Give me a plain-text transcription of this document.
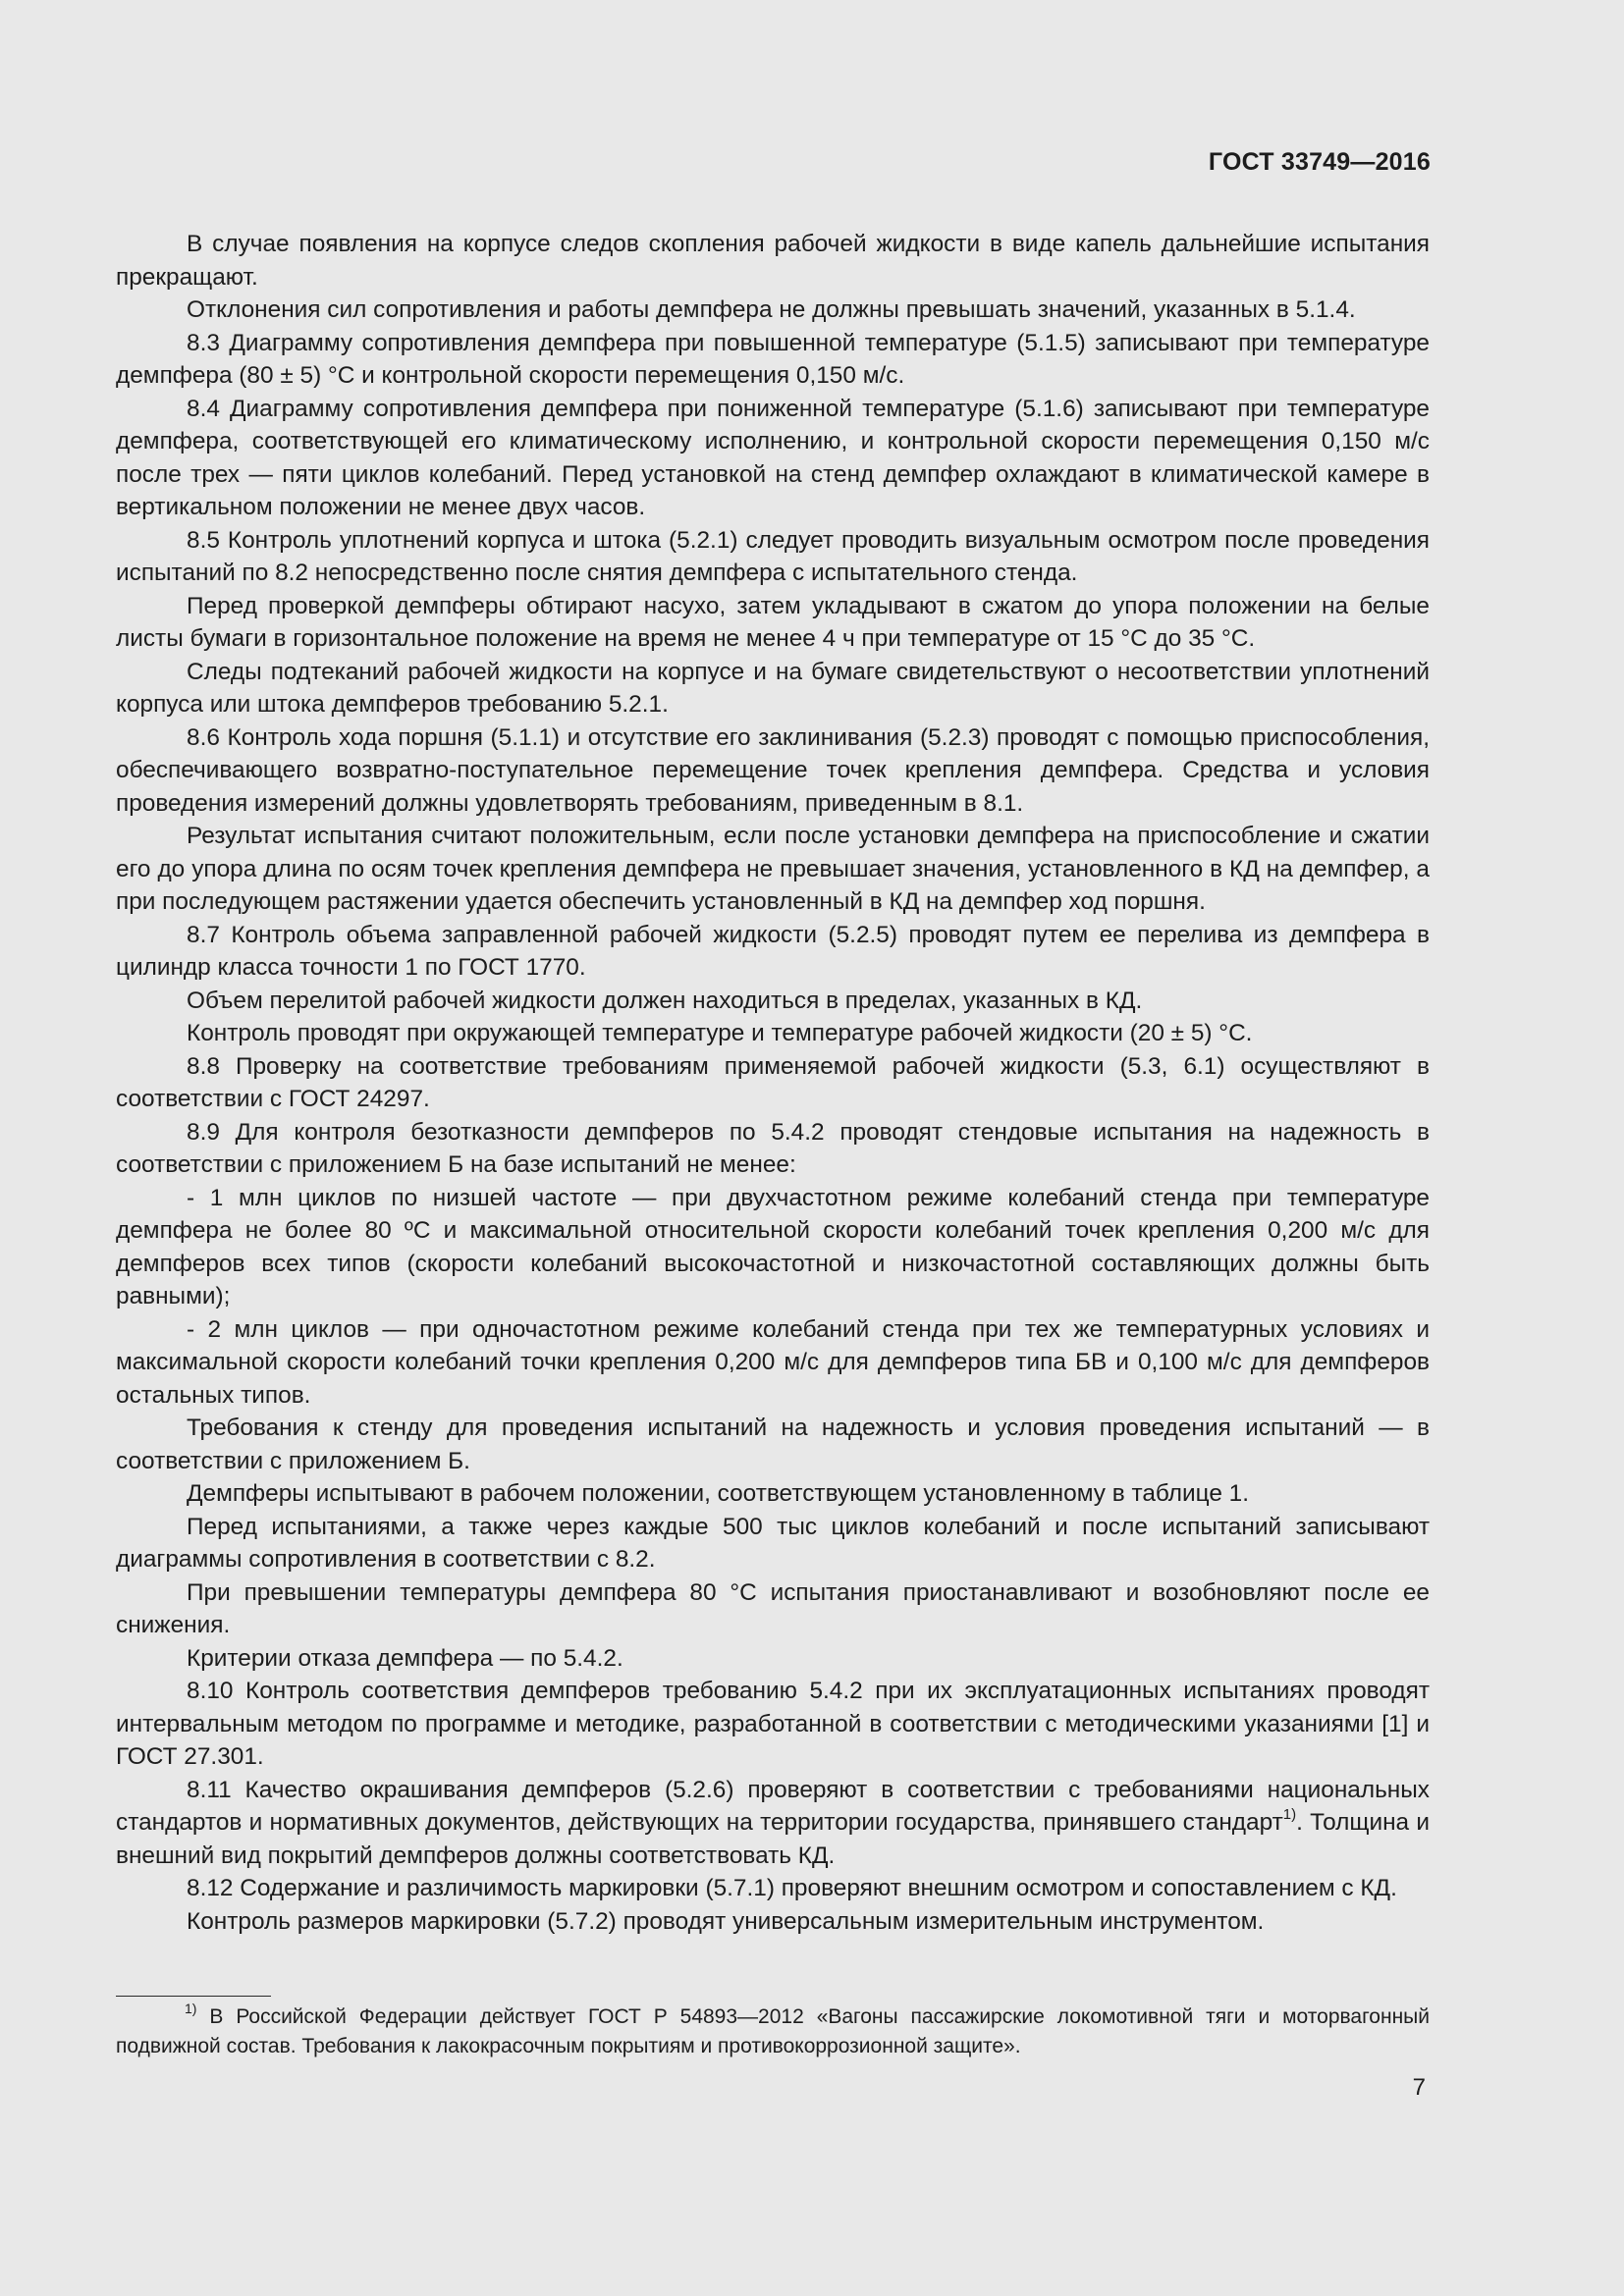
ГОСТ 33749—2016

В случае появления на корпусе следов скопления рабочей жидкости в виде капель дальнейшие испытания прекращают.

Отклонения сил сопротивления и работы демпфера не должны превышать значений, указанных в 5.1.4.

8.3 Диаграмму сопротивления демпфера при повышенной температуре (5.1.5) записывают при температуре демпфера (80 ± 5) °С и контрольной скорости перемещения 0,150 м/с.

8.4 Диаграмму сопротивления демпфера при пониженной температуре (5.1.6) записывают при температуре демпфера, соответствующей его климатическому исполнению, и контрольной скорости перемещения 0,150 м/с после трех — пяти циклов колебаний. Перед установкой на стенд демпфер охлаждают в климатической камере в вертикальном положении не менее двух часов.

8.5 Контроль уплотнений корпуса и штока (5.2.1) следует проводить визуальным осмотром после проведения испытаний по 8.2 непосредственно после снятия демпфера с испытательного стенда.

Перед проверкой демпферы обтирают насухо, затем укладывают в сжатом до упора положении на белые листы бумаги в горизонтальное положение на время не менее 4 ч при температуре от 15 °С до 35 °С.

Следы подтеканий рабочей жидкости на корпусе и на бумаге свидетельствуют о несоответствии уплотнений корпуса или штока демпферов требованию 5.2.1.

8.6 Контроль хода поршня (5.1.1) и отсутствие его заклинивания (5.2.3) проводят с помощью приспособления, обеспечивающего возвратно-поступательное перемещение точек крепления демпфера. Средства и условия проведения измерений должны удовлетворять требованиям, приведенным в 8.1.

Результат испытания считают положительным, если после установки демпфера на приспособление и сжатии его до упора длина по осям точек крепления демпфера не превышает значения, установленного в КД на демпфер, а при последующем растяжении удается обеспечить установленный в КД на демпфер ход поршня.

8.7 Контроль объема заправленной рабочей жидкости (5.2.5) проводят путем ее перелива из демпфера в цилиндр класса точности 1 по ГОСТ 1770.

Объем перелитой рабочей жидкости должен находиться в пределах, указанных в КД.

Контроль проводят при окружающей температуре и температуре рабочей жидкости (20 ± 5) °С.

8.8 Проверку на соответствие требованиям применяемой рабочей жидкости (5.3, 6.1) осуществляют в соответствии с ГОСТ 24297.

8.9 Для контроля безотказности демпферов по 5.4.2 проводят стендовые испытания на надежность в соответствии с приложением Б на базе испытаний не менее:

- 1 млн циклов по низшей частоте — при двухчастотном режиме колебаний стенда при температуре демпфера не более 80 ºС и максимальной относительной скорости колебаний точек крепления 0,200 м/с для демпферов всех типов (скорости колебаний высокочастотной и низкочастотной составляющих должны быть равными);

- 2 млн циклов — при одночастотном режиме колебаний стенда при тех же температурных условиях и максимальной скорости колебаний точки крепления 0,200 м/с для демпферов типа БВ и 0,100 м/с для демпферов остальных типов.

Требования к стенду для проведения испытаний на надежность и условия проведения испытаний — в соответствии с приложением Б.

Демпферы испытывают в рабочем положении, соответствующем установленному в таблице 1.

Перед испытаниями, а также через каждые 500 тыс циклов колебаний и после испытаний записывают диаграммы сопротивления в соответствии с 8.2.

При превышении температуры демпфера 80 °С испытания приостанавливают и возобновляют после ее снижения.

Критерии отказа демпфера — по 5.4.2.

8.10 Контроль соответствия демпферов требованию 5.4.2 при их эксплуатационных испытаниях проводят интервальным методом по программе и методике, разработанной в соответствии с методическими указаниями [1] и ГОСТ 27.301.

8.11 Качество окрашивания демпферов (5.2.6) проверяют в соответствии с требованиями национальных стандартов и нормативных документов, действующих на территории государства, принявшего стандарт$^{1)}$. Толщина и внешний вид покрытий демпферов должны соответствовать КД.

8.12 Содержание и различимость маркировки (5.7.1) проверяют внешним осмотром и сопоставлением с КД.

Контроль размеров маркировки (5.7.2) проводят универсальным измерительным инструментом.

$^{1)}$ В Российской Федерации действует ГОСТ Р 54893—2012 «Вагоны пассажирские локомотивной тяги и моторвагонный подвижной состав. Требования к лакокрасочным покрытиям и противокоррозионной защите».
7
